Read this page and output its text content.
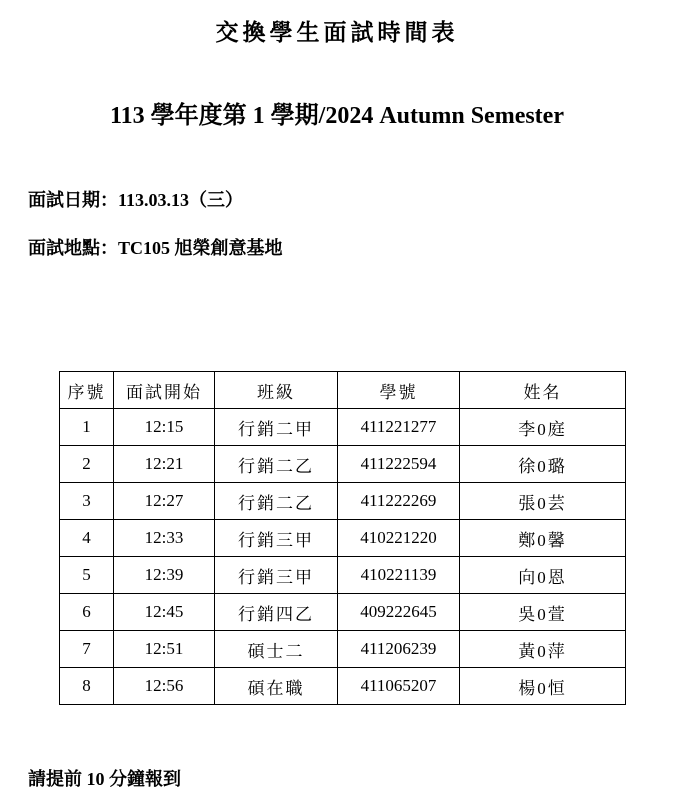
交換學生面試時間表
113 學年度第 1 學期/2024 Autumn Semester

面試日期：113.03.13（三）

面試地點：TC105 旭榮創意基地

序號	面試開始	班級	學號	姓名
1	12:15	行銷二甲	411221277	李0庭
2	12:21	行銷二乙	411222594	徐0璐
3	12:27	行銷二乙	411222269	張0芸
4	12:33	行銷三甲	410221220	鄭0馨
5	12:39	行銷三甲	410221139	向0恩
6	12:45	行銷四乙	409222645	吳0萱
7	12:51	碩士二	411206239	黃0萍
8	12:56	碩在職	411065207	楊0恒

請提前 10 分鐘報到
